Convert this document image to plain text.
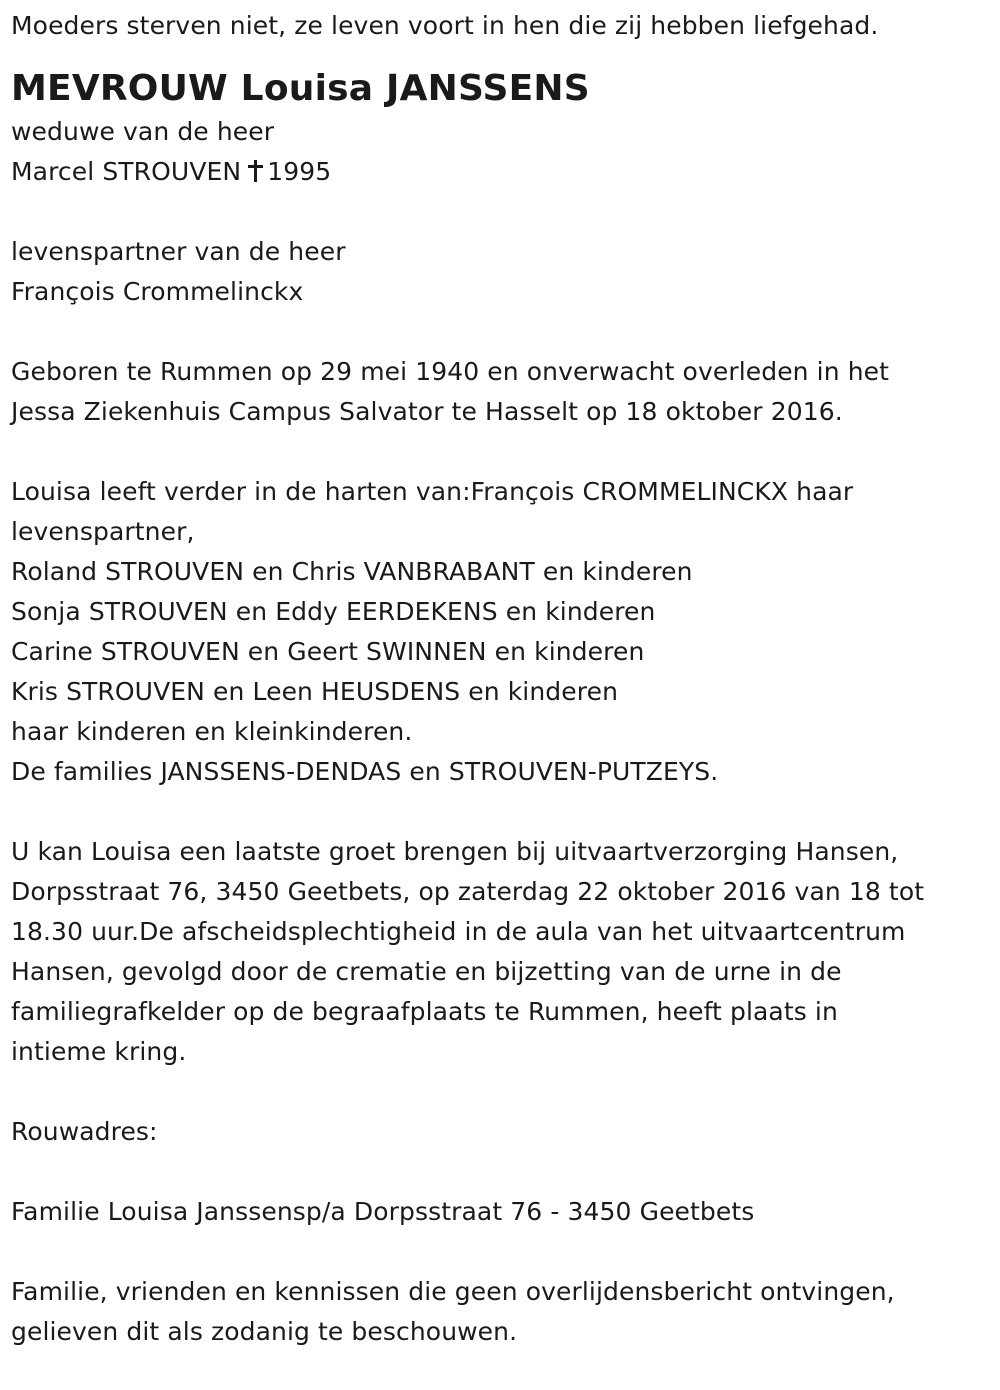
Moeders sterven niet, ze leven voort in hen die zij hebben liefgehad.
MEVROUW Louisa JANSSENS
weduwe van de heer
Marcel STROUVEN 1995
levenspartner van de heer
François Crommelinckx
Geboren te Rummen op 29 mei 1940 en onverwacht overleden in het
Jessa Ziekenhuis Campus Salvator te Hasselt op 18 oktober 2016.
Louisa leeft verder in de harten van:François CROMMELINCKX haar
levenspartner,
Roland STROUVEN en Chris VANBRABANT en kinderen
Sonja STROUVEN en Eddy EERDEKENS en kinderen
Carine STROUVEN en Geert SWINNEN en kinderen
Kris STROUVEN en Leen HEUSDENS en kinderen
haar kinderen en kleinkinderen.
De families JANSSENS-DENDAS en STROUVEN-PUTZEYS.
U kan Louisa een laatste groet brengen bij uitvaartverzorging Hansen,
Dorpsstraat 76, 3450 Geetbets, op zaterdag 22 oktober 2016 van 18 tot
18.30 uur.De afscheidsplechtigheid in de aula van het uitvaartcentrum
Hansen, gevolgd door de crematie en bijzetting van de urne in de
familiegrafkelder op de begraafplaats te Rummen, heeft plaats in
intieme kring.
Rouwadres:
Familie Louisa Janssensp/a Dorpsstraat 76 - 3450 Geetbets
Familie, vrienden en kennissen die geen overlijdensbericht ontvingen,
gelieven dit als zodanig te beschouwen.
